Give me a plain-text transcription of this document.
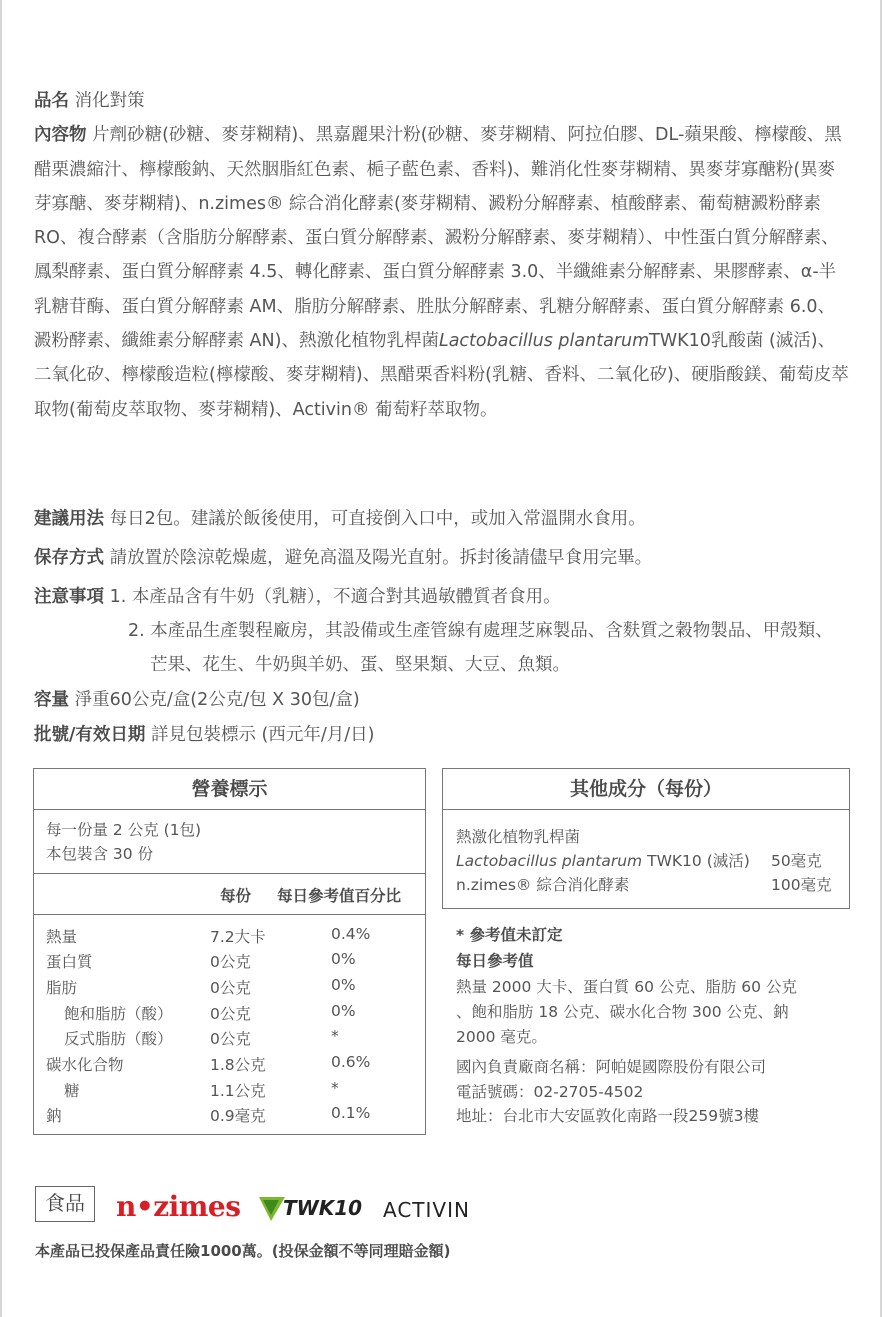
品名 消化對策
內容物 片劑砂糖(砂糖、麥芽糊精)、黑嘉麗果汁粉(砂糖、麥芽糊精、阿拉伯膠、DL-蘋果酸、檸檬酸、黑醋栗濃縮汁、檸檬酸鈉、天然胭脂紅色素、梔子藍色素、香料)、難消化性麥芽糊精、異麥芽寡醣粉(異麥芽寡醣、麥芽糊精)、n.zimes® 綜合消化酵素(麥芽糊精、澱粉分解酵素、植酸酵素、葡萄糖澱粉酵素RO、複合酵素（含脂肪分解酵素、蛋白質分解酵素、澱粉分解酵素、麥芽糊精）、中性蛋白質分解酵素、鳳梨酵素、蛋白質分解酵素 4.5、轉化酵素、蛋白質分解酵素 3.0、半纖維素分解酵素、果膠酵素、α-半乳糖苷酶、蛋白質分解酵素 AM、脂肪分解酵素、胜肽分解酵素、乳糖分解酵素、蛋白質分解酵素 6.0、澱粉酵素、纖維素分解酵素 AN)、熱激化植物乳桿菌Lactobacillus plantarumTWK10乳酸菌 (滅活)、二氧化矽、檸檬酸造粒(檸檬酸、麥芽糊精)、黑醋栗香料粉(乳糖、香料、二氧化矽)、硬脂酸鎂、葡萄皮萃取物(葡萄皮萃取物、麥芽糊精)、Activin® 葡萄籽萃取物。
建議用法 每日2包。建議於飯後使用，可直接倒入口中，或加入常溫開水食用。
保存方式 請放置於陰涼乾燥處，避免高溫及陽光直射。拆封後請儘早食用完畢。
注意事項 1. 本產品含有牛奶（乳糖），不適合對其過敏體質者食用。
2. 本產品生產製程廠房，其設備或生產管線有處理芝麻製品、含麩質之穀物製品、甲殼類、芒果、花生、牛奶與羊奶、蛋、堅果類、大豆、魚類。
容量 淨重60公克/盒(2公克/包 X 30包/盒)
批號/有效日期 詳見包裝標示 (西元年/月/日)
營養標示
每一份量 2 公克 (1包)
本包裝含 30 份
每份 每日參考值百分比
熱量	7.2大卡	0.4%
蛋白質	0公克	0%
脂肪	0公克	0%
飽和脂肪（酸） 0公克	0%
反式脂肪（酸） 0公克	*
碳水化合物	1.8公克	0.6%
糖	1.1公克	*
鈉	0.9毫克	0.1%
其他成分（每份）
熱激化植物乳桿菌
Lactobacillus plantarum TWK10 (滅活) 50毫克
n.zimes® 綜合消化酵素	100毫克
* 參考值未訂定
每日參考值
熱量 2000 大卡、蛋白質 60 公克、脂肪 60 公克
、飽和脂肪 18 公克、碳水化合物 300 公克、鈉
2000 毫克。
國內負責廠商名稱：阿帕媞國際股份有限公司
電話號碼：02-2705-4502
地址：台北市大安區敦化南路一段259號3樓
食品	n•zimes TWK10 ACTIVIN
本產品已投保產品責任險1000萬。(投保金額不等同理賠金額)
